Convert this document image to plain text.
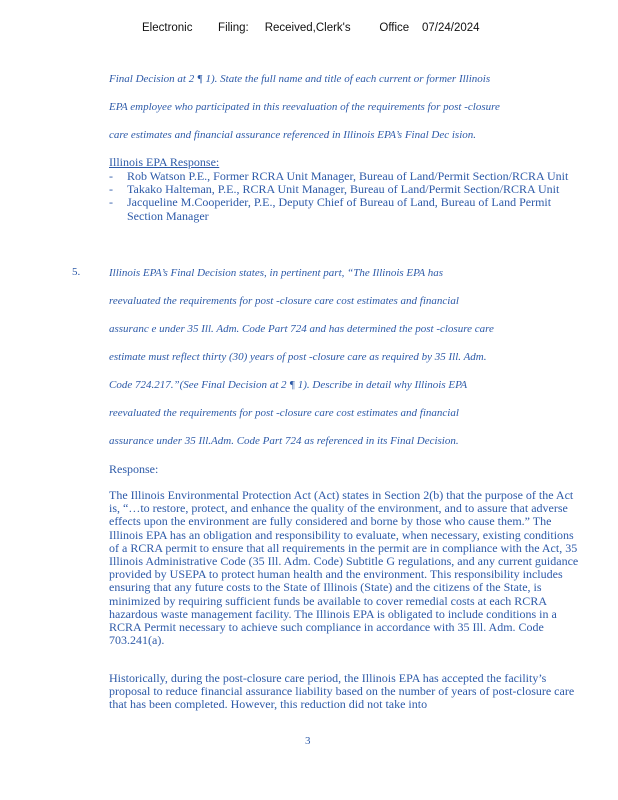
Electronic        Filing:     Received,Clerk's         Office    07/24/2024
Final Decision at 2 ¶ 1). State the full name and title of each current or former Illinois
EPA employee who participated in this reevaluation of the requirements for post -closure
care estimates and financial assurance referenced in Illinois EPA’s Final Dec ision.
Illinois EPA Response:
-	Rob Watson P.E., Former RCRA Unit Manager, Bureau of Land/Permit Section/RCRA Unit
-	Takako Halteman, P.E., RCRA Unit Manager, Bureau of Land/Permit Section/RCRA Unit
-	Jacqueline M.Cooperider, P.E., Deputy Chief of Bureau of Land, Bureau of Land Permit Section Manager
5.	Illinois EPA’s Final Decision states, in pertinent part, “The Illinois EPA has
reevaluated the requirements for post -closure care cost estimates and financial
assuranc e under 35 Ill. Adm. Code Part 724 and has determined the post -closure care
estimate must reflect thirty (30) years of post -closure care as required by 35 Ill. Adm.
Code 724.217.”(See Final Decision at 2 ¶ 1). Describe in detail why Illinois EPA
reevaluated the requirements for post -closure care cost estimates and financial
assurance under 35 Ill.Adm. Code Part 724 as referenced in its Final Decision.
Response:
The Illinois Environmental Protection Act (Act) states in Section 2(b) that the purpose of the Act is, “…to restore, protect, and enhance the quality of the environment, and to assure that adverse effects upon the environment are fully considered and borne by those who cause them.” The Illinois EPA has an obligation and responsibility to evaluate, when necessary, existing conditions of a RCRA permit to ensure that all requirements in the permit are in compliance with the Act, 35 Illinois Administrative Code (35 Ill. Adm. Code) Subtitle G regulations, and any current guidance provided by USEPA to protect human health and the environment. This responsibility includes ensuring that any future costs to the State of Illinois (State) and the citizens of the State, is minimized by requiring sufficient funds be available to cover remedial costs at each RCRA hazardous waste management facility. The Illinois EPA is obligated to include conditions in a RCRA Permit necessary to achieve such compliance in accordance with 35 Ill. Adm. Code 703.241(a).
Historically, during the post-closure care period, the Illinois EPA has accepted the facility’s proposal to reduce financial assurance liability based on the number of years of post-closure care that has been completed. However, this reduction did not take into
3
